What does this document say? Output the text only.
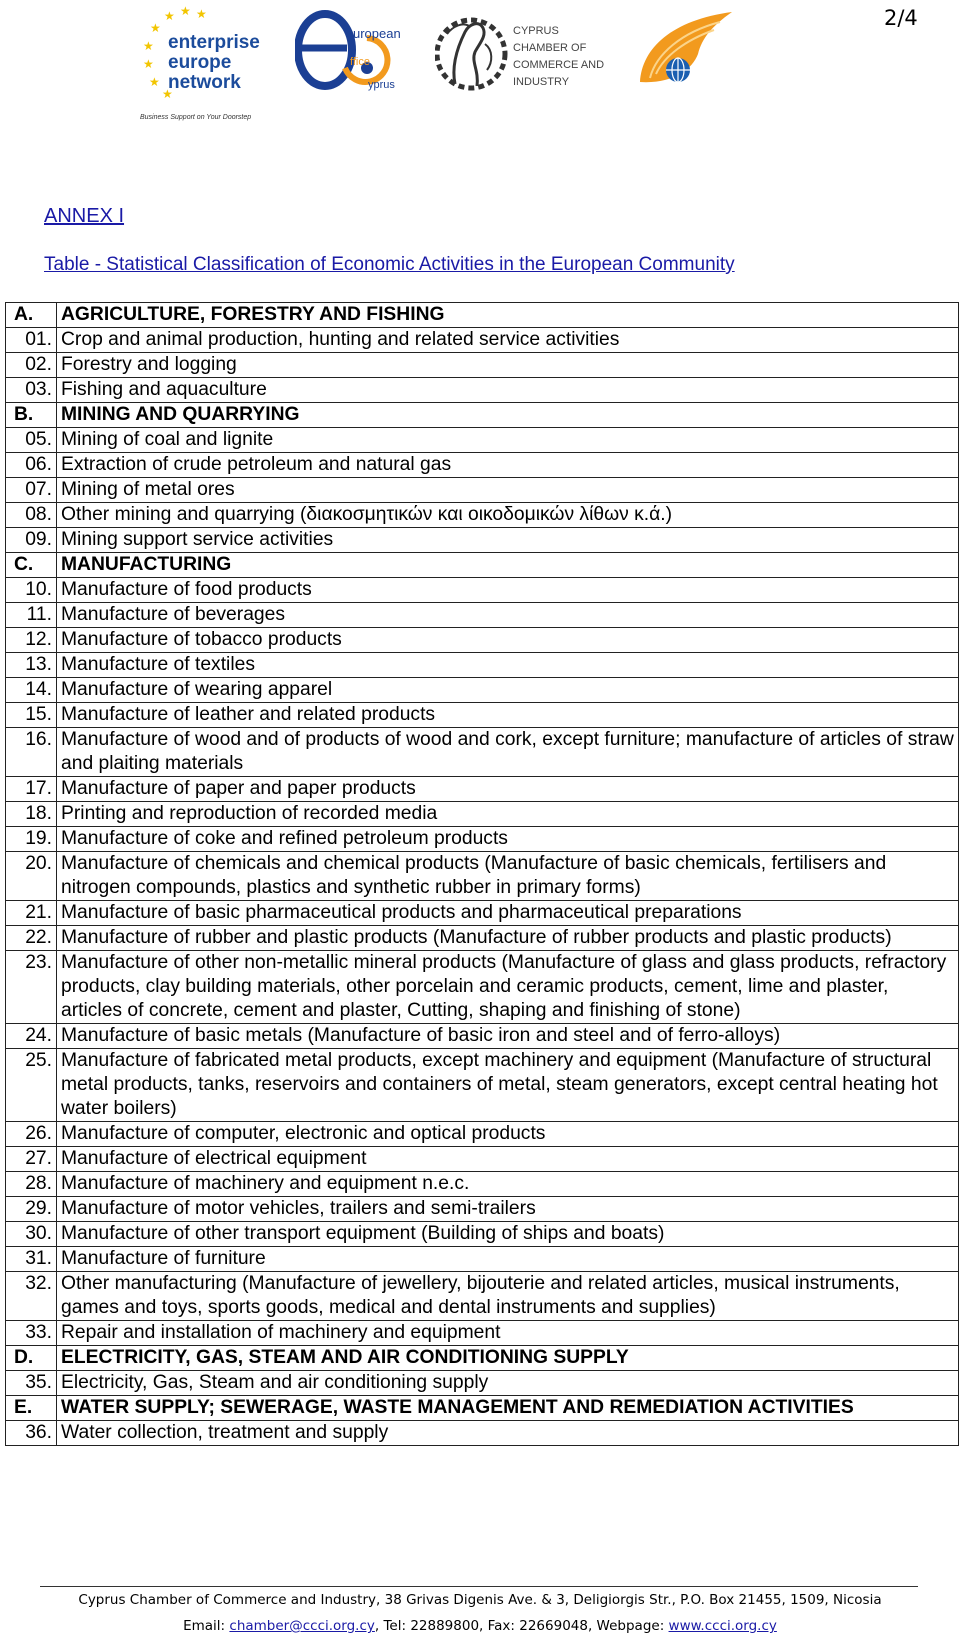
★
★ ★ ★
★
★
★
★
enterprise
europe
network
Business Support on Your Doorstep
uropean
ffice
yprus
CYPRUS
CHAMBER OF
COMMERCE AND
INDUSTRY
2/4
ANNEX I
Table - Statistical Classification of Economic Activities in the European Community
A.	AGRICULTURE, FORESTRY AND FISHING
01.	Crop and animal production, hunting and related service activities
02.	Forestry and logging
03.	Fishing and aquaculture
B.	MINING AND QUARRYING
05.	Mining of coal and lignite
06.	Extraction of crude petroleum and natural gas
07.	Mining of metal ores
08.	Other mining and quarrying (διακοσμητικών και οικοδομικών λίθων κ.ά.)
09.	Mining support service activities
C.	MANUFACTURING
10.	Manufacture of food products
11.	Manufacture of beverages
12.	Manufacture of tobacco products
13.	Manufacture of textiles
14.	Manufacture of wearing apparel
15.	Manufacture of leather and related products
16.	Manufacture of wood and of products of wood and cork, except furniture; manufacture of articles of straw and plaiting materials
17.	Manufacture of paper and paper products
18.	Printing and reproduction of recorded media
19.	Manufacture of coke and refined petroleum products
20.	Manufacture of chemicals and chemical products (Manufacture of basic chemicals, fertilisers and nitrogen compounds, plastics and synthetic rubber in primary forms)
21.	Manufacture of basic pharmaceutical products and pharmaceutical preparations
22.	Manufacture of rubber and plastic products (Manufacture of rubber products and plastic products)
23.	Manufacture of other non-metallic mineral products (Manufacture of glass and glass products, refractory products, clay building materials, other porcelain and ceramic products, cement, lime and plaster, articles of concrete, cement and plaster, Cutting, shaping and finishing of stone)
24.	Manufacture of basic metals (Manufacture of basic iron and steel and of ferro-alloys)
25.	Manufacture of fabricated metal products, except machinery and equipment (Manufacture of structural metal products, tanks, reservoirs and containers of metal, steam generators, except central heating hot water boilers)
26.	Manufacture of computer, electronic and optical products
27.	Manufacture of electrical equipment
28.	Manufacture of machinery and equipment n.e.c.
29.	Manufacture of motor vehicles, trailers and semi-trailers
30.	Manufacture of other transport equipment (Building of ships and boats)
31.	Manufacture of furniture
32.	Other manufacturing (Manufacture of jewellery, bijouterie and related articles, musical instruments, games and toys, sports goods, medical and dental instruments and supplies)
33.	Repair and installation of machinery and equipment
D.	ELECTRICITY, GAS, STEAM AND AIR CONDITIONING SUPPLY
35.	Electricity, Gas, Steam and air conditioning supply
E.	WATER SUPPLY; SEWERAGE, WASTE MANAGEMENT AND REMEDIATION ACTIVITIES
36.	Water collection, treatment and supply
Cyprus Chamber of Commerce and Industry, 38 Grivas Digenis Ave. & 3, Deligiorgis Str., P.O. Box 21455, 1509, Nicosia
Email: chamber@ccci.org.cy, Tel: 22889800, Fax: 22669048, Webpage: www.ccci.org.cy
